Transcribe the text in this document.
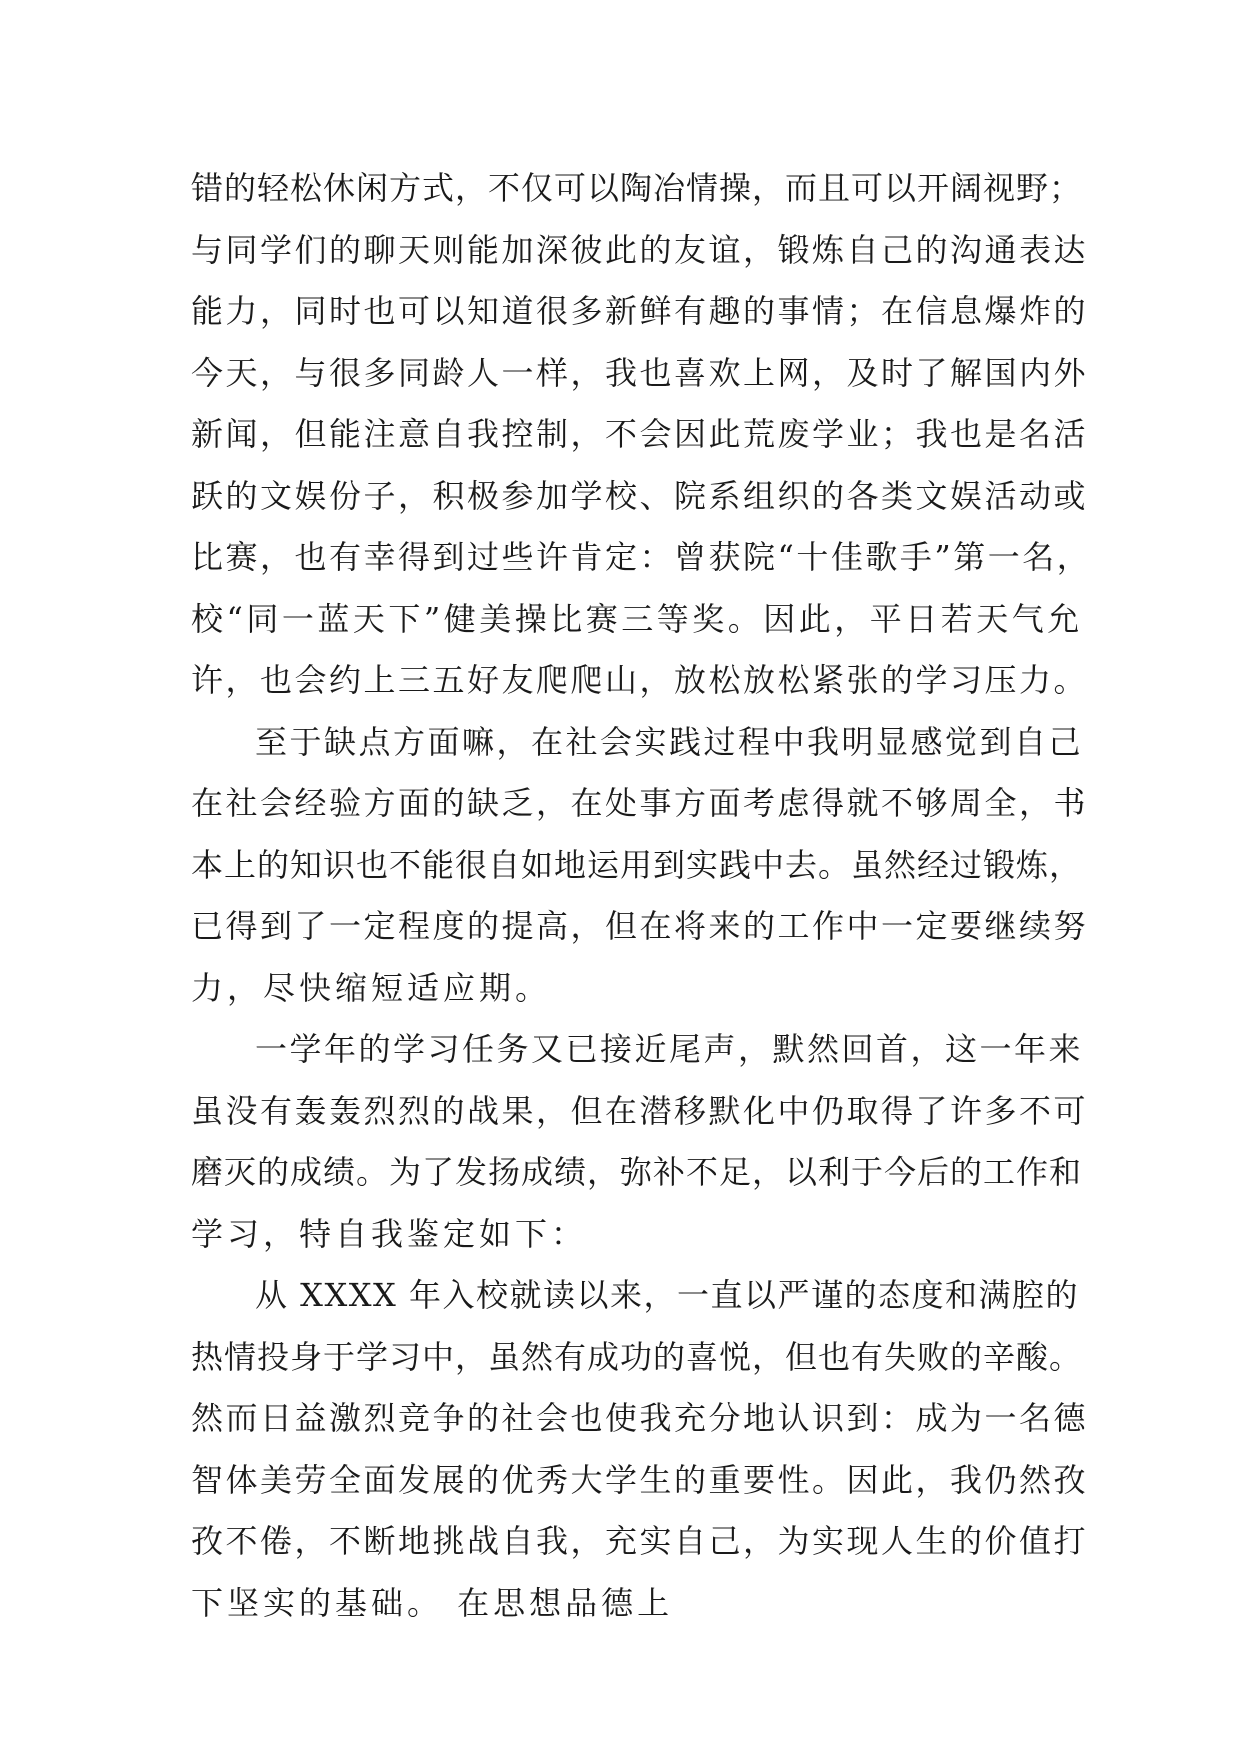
错的轻松休闲方式，不仅可以陶冶情操，而且可以开阔视野；
与同学们的聊天则能加深彼此的友谊，锻炼自己的沟通表达
能力，同时也可以知道很多新鲜有趣的事情；在信息爆炸的
今天，与很多同龄人一样，我也喜欢上网，及时了解国内外
新闻，但能注意自我控制，不会因此荒废学业；我也是名活
跃的文娱份子，积极参加学校、院系组织的各类文娱活动或
比赛，也有幸得到过些许肯定：曾获院“十佳歌手”第一名，
校“同一蓝天下”健美操比赛三等奖。因此，平日若天气允
许，也会约上三五好友爬爬山，放松放松紧张的学习压力。
至于缺点方面嘛，在社会实践过程中我明显感觉到自己
在社会经验方面的缺乏，在处事方面考虑得就不够周全，书
本上的知识也不能很自如地运用到实践中去。虽然经过锻炼，
已得到了一定程度的提高，但在将来的工作中一定要继续努
力，尽快缩短适应期。
一学年的学习任务又已接近尾声，默然回首，这一年来
虽没有轰轰烈烈的战果，但在潜移默化中仍取得了许多不可
磨灭的成绩。为了发扬成绩，弥补不足，以利于今后的工作和
学习，特自我鉴定如下：
从 XXXX 年入校就读以来，一直以严谨的态度和满腔的
热情投身于学习中，虽然有成功的喜悦，但也有失败的辛酸。
然而日益激烈竞争的社会也使我充分地认识到：成为一名德
智体美劳全面发展的优秀大学生的重要性。因此，我仍然孜
孜不倦，不断地挑战自我，充实自己，为实现人生的价值打
下坚实的基础。 在思想品德上
